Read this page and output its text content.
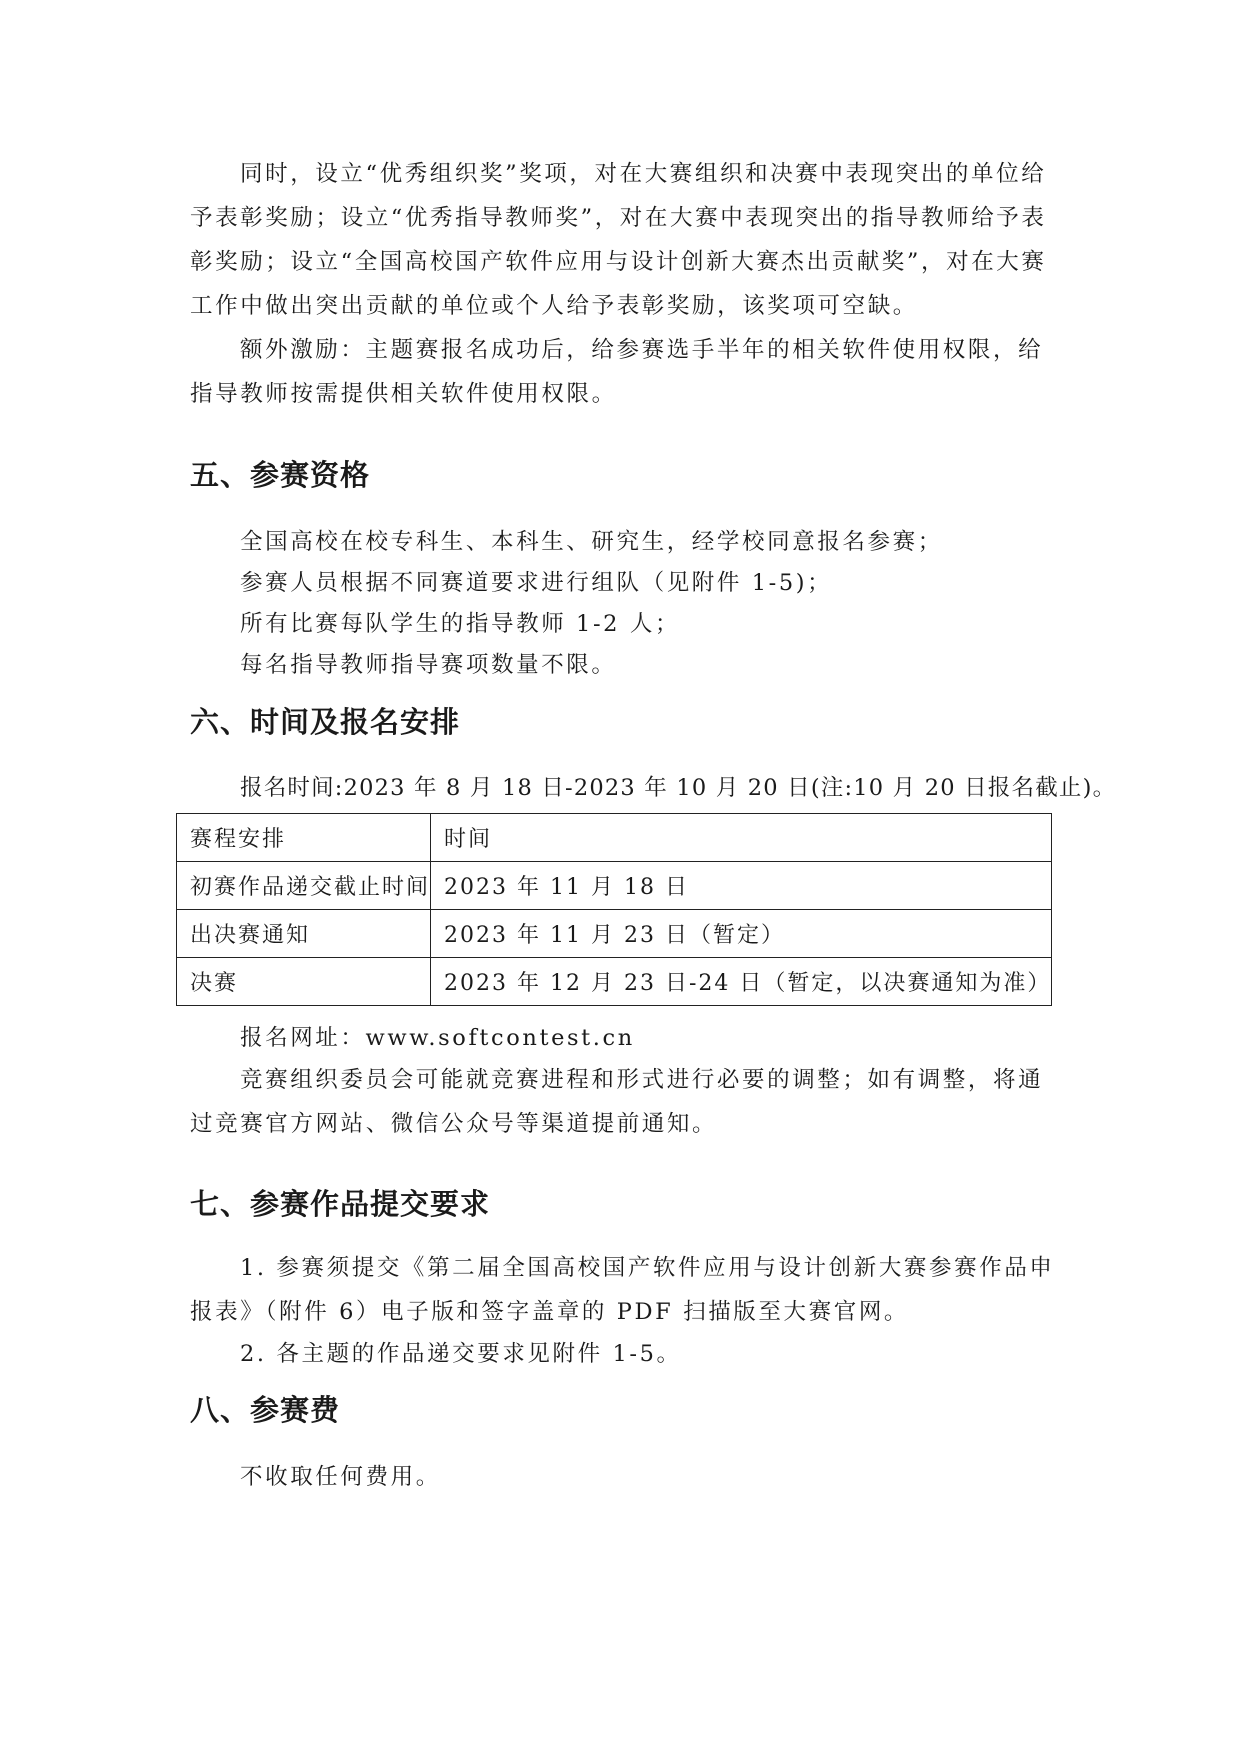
同时，设立“优秀组织奖”奖项，对在大赛组织和决赛中表现突出的单位给予表彰奖励；设立“优秀指导教师奖”，对在大赛中表现突出的指导教师给予表彰奖励；设立“全国高校国产软件应用与设计创新大赛杰出贡献奖”，对在大赛工作中做出突出贡献的单位或个人给予表彰奖励，该奖项可空缺。

额外激励：主题赛报名成功后，给参赛选手半年的相关软件使用权限，给指导教师按需提供相关软件使用权限。

五、参赛资格
全国高校在校专科生、本科生、研究生，经学校同意报名参赛；
参赛人员根据不同赛道要求进行组队（见附件 1-5)；
所有比赛每队学生的指导教师 1-2 人；
每名指导教师指导赛项数量不限。
六、时间及报名安排
报名时间:2023 年 8 月 18 日-2023 年 10 月 20 日(注:10 月 20 日报名截止)。
赛程安排	时间
初赛作品递交截止时间	2023 年 11 月 18 日
出决赛通知	2023 年 11 月 23 日（暂定）
决赛	2023 年 12 月 23 日-24 日（暂定，以决赛通知为准）
报名网址：www.softcontest.cn

竞赛组织委员会可能就竞赛进程和形式进行必要的调整；如有调整，将通过竞赛官方网站、微信公众号等渠道提前通知。

七、参赛作品提交要求

1. 参赛须提交《第二届全国高校国产软件应用与设计创新大赛参赛作品申报表》（附件 6）电子版和签字盖章的 PDF 扫描版至大赛官网。

2. 各主题的作品递交要求见附件 1-5。
八、参赛费
不收取任何费用。
